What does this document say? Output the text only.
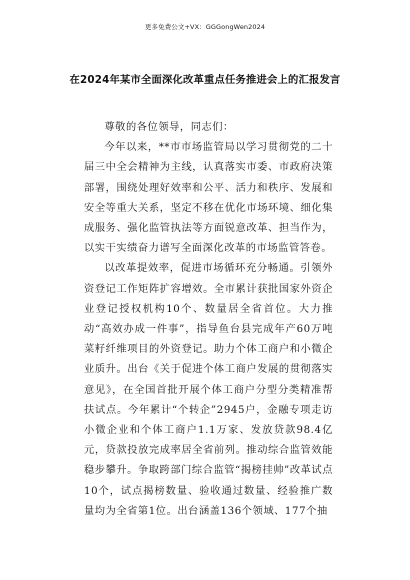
更多免费公文+VX：GGGongWen2024
在2024年某市全面深化改革重点任务推进会上的汇报发言

尊敬的各位领导，同志们：

今年以来，**市市场监管局以学习贯彻党的二十届三中全会精神为主线，认真落实市委、市政府决策部署，围绕处理好效率和公平、活力和秩序、发展和安全等重大关系，坚定不移在优化市场环境、细化集成服务、强化监管执法等方面锐意改革、担当作为，以实干实绩奋力谱写全面深化改革的市场监管答卷。

以改革提效率，促进市场循环充分畅通。引领外资登记工作矩阵扩容增效。全市累计获批国家外资企业登记授权机构10个、数量居全省首位。大力推动“高效办成一件事”，指导鱼台县完成年产60万吨菜籽纤维项目的外资登记。助力个体工商户和小微企业质升。出台《关于促进个体工商户发展的贯彻落实意见》，在全国首批开展个体工商户分型分类精准帮扶试点。今年累计“个转企”2945户，金融专项走访小微企业和个体工商户1.1万家、发放贷款98.4亿元，贷款投放完成率居全省前列。推动综合监管效能稳步攀升。争取跨部门综合监管“揭榜挂帅”改革试点10个，试点揭榜数量、验收通过数量、经验推广数量均为全省第1位。出台涵盖136个领域、177个抽
